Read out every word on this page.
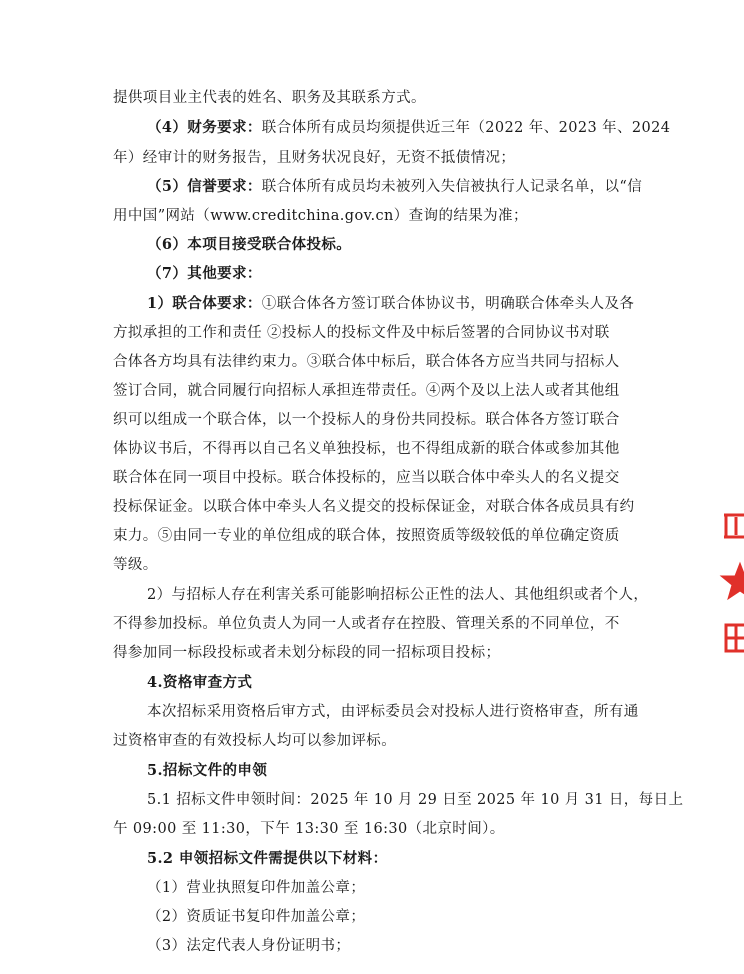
提供项目业主代表的姓名、职务及其联系方式。
（4）财务要求：联合体所有成员均须提供近三年（2022 年、2023 年、2024
年）经审计的财务报告，且财务状况良好，无资不抵债情况；
（5）信誉要求：联合体所有成员均未被列入失信被执行人记录名单，以“信
用中国”网站（www.creditchina.gov.cn）查询的结果为准；
（6）本项目接受联合体投标。
（7）其他要求：
1）联合体要求：①联合体各方签订联合体协议书，明确联合体牵头人及各
方拟承担的工作和责任 ②投标人的投标文件及中标后签署的合同协议书对联
合体各方均具有法律约束力。③联合体中标后，联合体各方应当共同与招标人
签订合同，就合同履行向招标人承担连带责任。④两个及以上法人或者其他组
织可以组成一个联合体，以一个投标人的身份共同投标。联合体各方签订联合
体协议书后，不得再以自己名义单独投标，也不得组成新的联合体或参加其他
联合体在同一项目中投标。联合体投标的，应当以联合体中牵头人的名义提交
投标保证金。以联合体中牵头人名义提交的投标保证金，对联合体各成员具有约
束力。⑤由同一专业的单位组成的联合体，按照资质等级较低的单位确定资质
等级。
2）与招标人存在利害关系可能影响招标公正性的法人、其他组织或者个人，
不得参加投标。单位负责人为同一人或者存在控股、管理关系的不同单位，不
得参加同一标段投标或者未划分标段的同一招标项目投标；
4.资格审查方式
本次招标采用资格后审方式，由评标委员会对投标人进行资格审查，所有通
过资格审查的有效投标人均可以参加评标。
5.招标文件的申领
5.1 招标文件申领时间：2025 年 10 月 29 日至 2025 年 10 月 31 日，每日上
午 09:00 至 11:30，下午 13:30 至 16:30（北京时间）。
5.2 申领招标文件需提供以下材料：
（1）营业执照复印件加盖公章；
（2）资质证书复印件加盖公章；
（3）法定代表人身份证明书；
